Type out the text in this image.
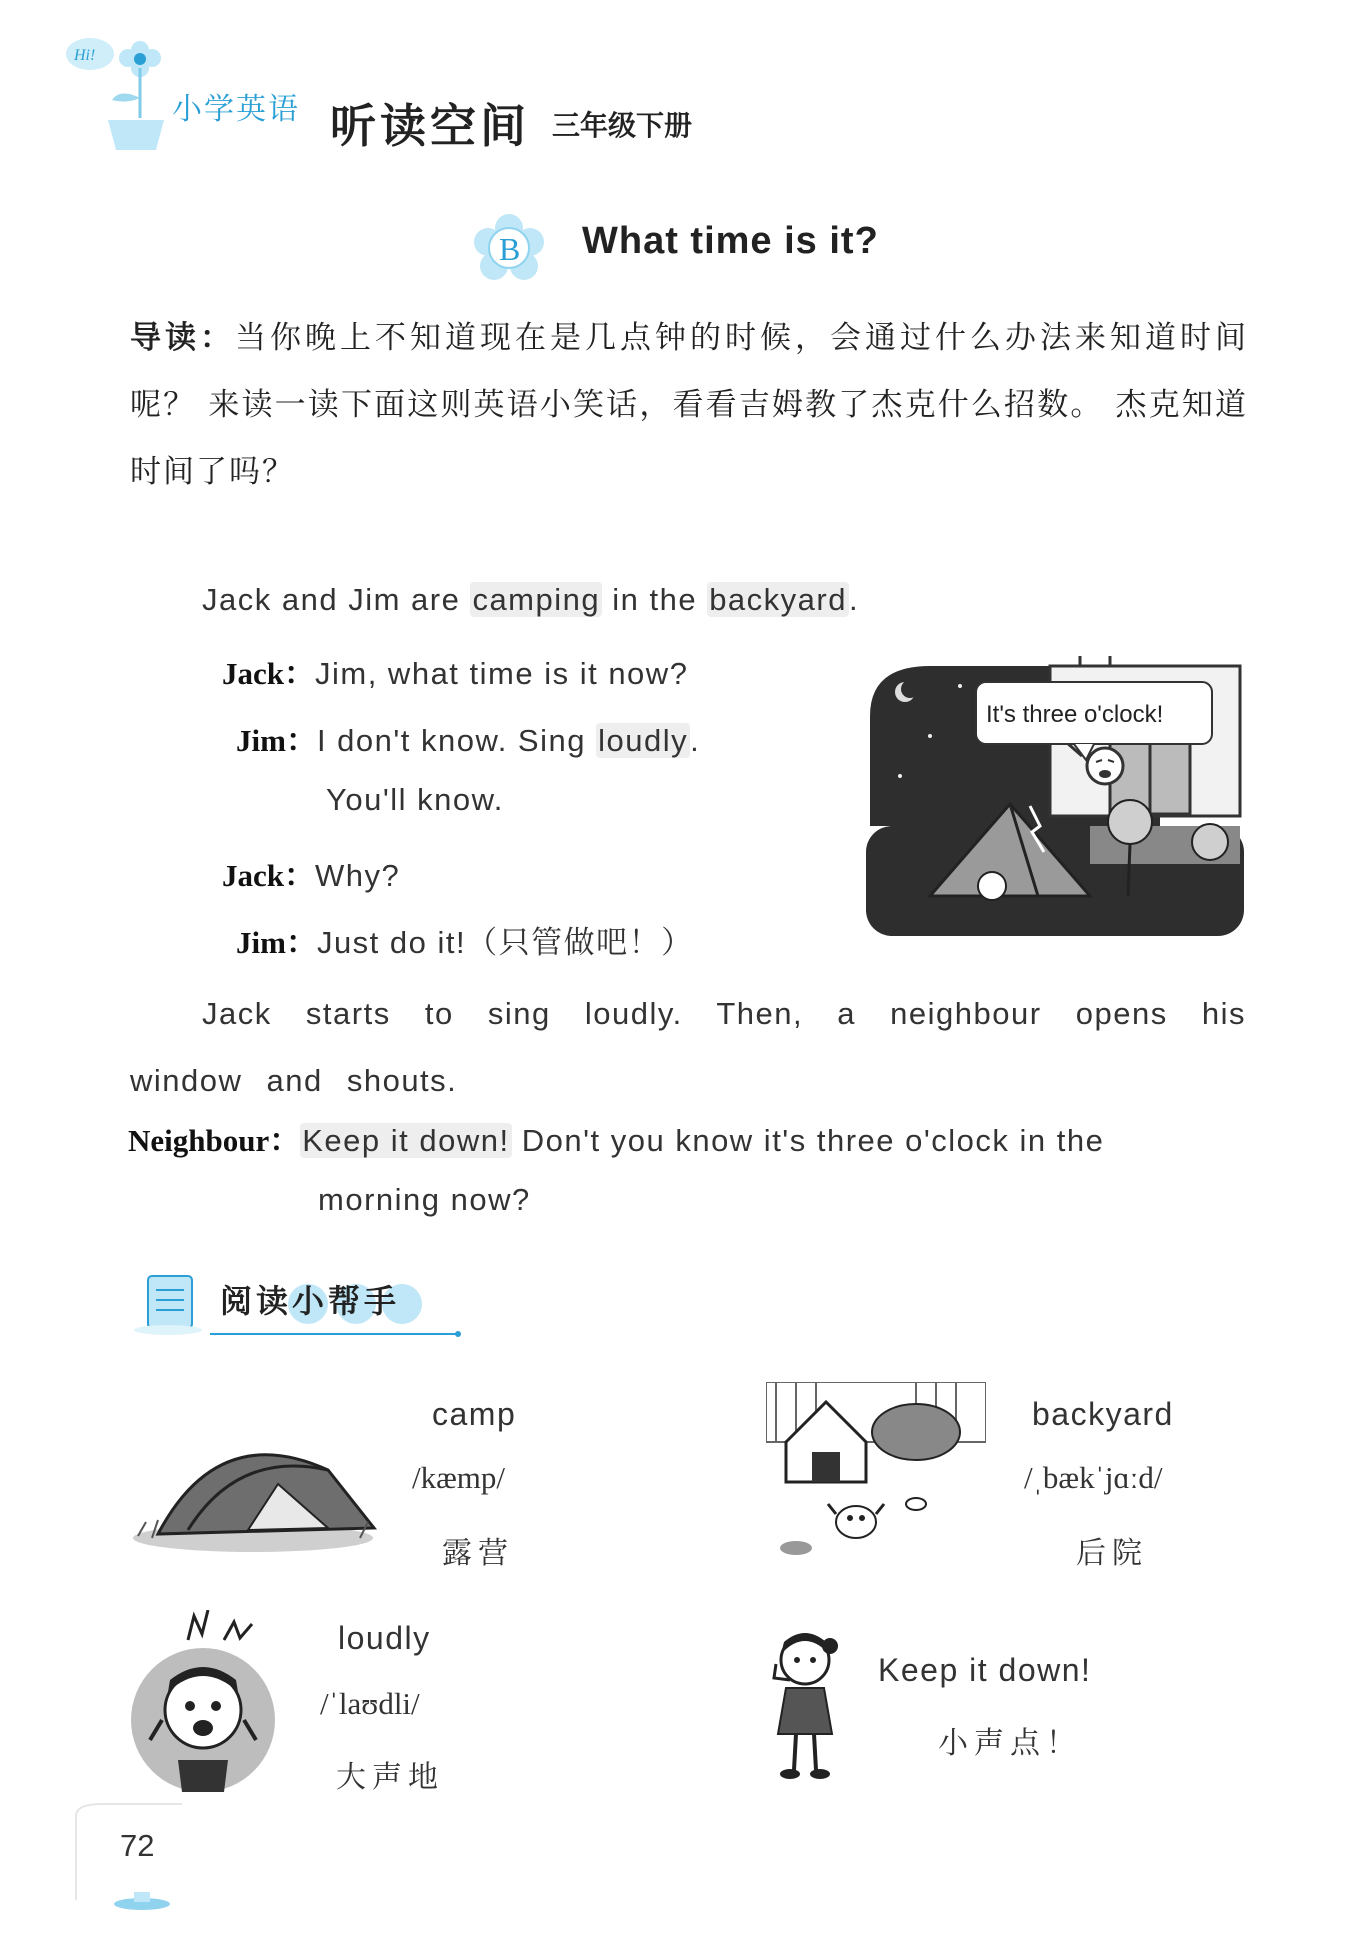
Hi!
小学英语 听读空间 三年级下册
B What time is it?
导读：当你晚上不知道现在是几点钟的时候，会通过什么办法来知道时间呢？ 来读一读下面这则英语小笑话，看看吉姆教了杰克什么招数。 杰克知道时间了吗？
Jack and Jim are camping in the backyard.
Jack：Jim, what time is it now?
Jim：I don't know. Sing loudly.
You'll know.
Jack：Why?
Jim：Just do it!（只管做吧！）
Jack starts to sing loudly. Then, a neighbour opens his window and shouts.
Neighbour：Keep it down! Don't you know it's three o'clock in the
morning now?
It's three o'clock!
阅读小帮手
camp
/kæmp/
露营
backyard
/ˌbækˈjɑːd/
后院
loudly
/ˈlaʊdli/
大声地
Keep it down!
小声点！
72
